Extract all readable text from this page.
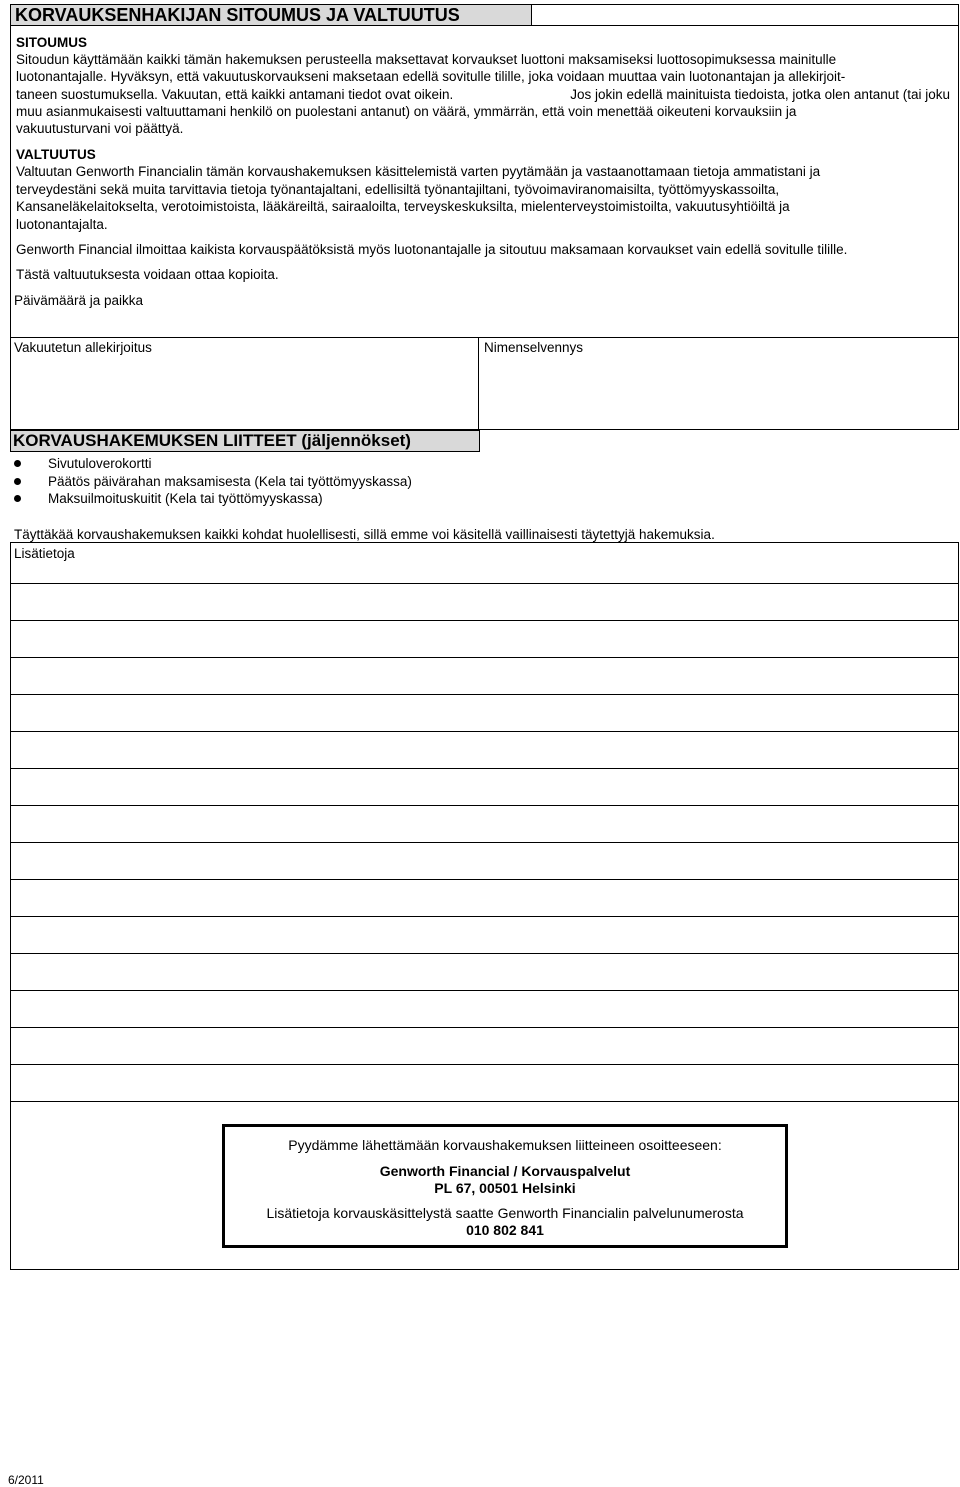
KORVAUKSENHAKIJAN SITOUMUS JA VALTUUTUS
SITOUMUS
Sitoudun käyttämään kaikki tämän hakemuksen perusteella maksettavat korvaukset luottoni maksamiseksi luottosopimuksessa mainitulle
luotonantajalle. Hyväksyn, että vakuutuskorvaukseni maksetaan edellä sovitulle tilille, joka voidaan muuttaa vain luotonantajan ja allekirjoit-
taneen suostumuksella. Vakuutan, että kaikki antamani tiedot ovat oikein.	Jos jokin edellä mainituista tiedoista, jotka olen antanut (tai joku
muu asianmukaisesti valtuuttamani henkilö on puolestani antanut) on väärä, ymmärrän, että voin menettää oikeuteni korvauksiin ja
vakuutusturvani voi päättyä.
VALTUUTUS
Valtuutan Genworth Financialin tämän korvaushakemuksen käsittelemistä varten pyytämään ja vastaanottamaan tietoja ammatistani ja
terveydestäni sekä muita tarvittavia tietoja työnantajaltani, edellisiltä työnantajiltani, työvoimaviranomaisilta, työttömyyskassoilta,
Kansaneläkelaitokselta, verotoimistoista, lääkäreiltä, sairaaloilta, terveyskeskuksilta, mielenterveystoimistoilta, vakuutusyhtiöiltä ja
luotonantajalta.
Genworth Financial ilmoittaa kaikista korvauspäätöksistä myös luotonantajalle ja sitoutuu maksamaan korvaukset vain edellä sovitulle tilille.
Tästä valtuutuksesta voidaan ottaa kopioita.
Päivämäärä ja paikka
Vakuutetun allekirjoitus	Nimenselvennys
KORVAUSHAKEMUKSEN LIITTEET (jäljennökset)
Sivutuloverokortti
Päätös päivärahan maksamisesta (Kela tai työttömyyskassa)
Maksuilmoituskuitit (Kela tai työttömyyskassa)
Täyttäkää korvaushakemuksen kaikki kohdat huolellisesti, sillä emme voi käsitellä vaillinaisesti täytettyjä hakemuksia.
Lisätietoja
Pyydämme lähettämään korvaushakemuksen liitteineen osoitteeseen:
Genworth Financial / Korvauspalvelut
PL 67, 00501 Helsinki
Lisätietoja korvauskäsittelystä saatte Genworth Financialin palvelunumerosta
010 802 841
6/2011
